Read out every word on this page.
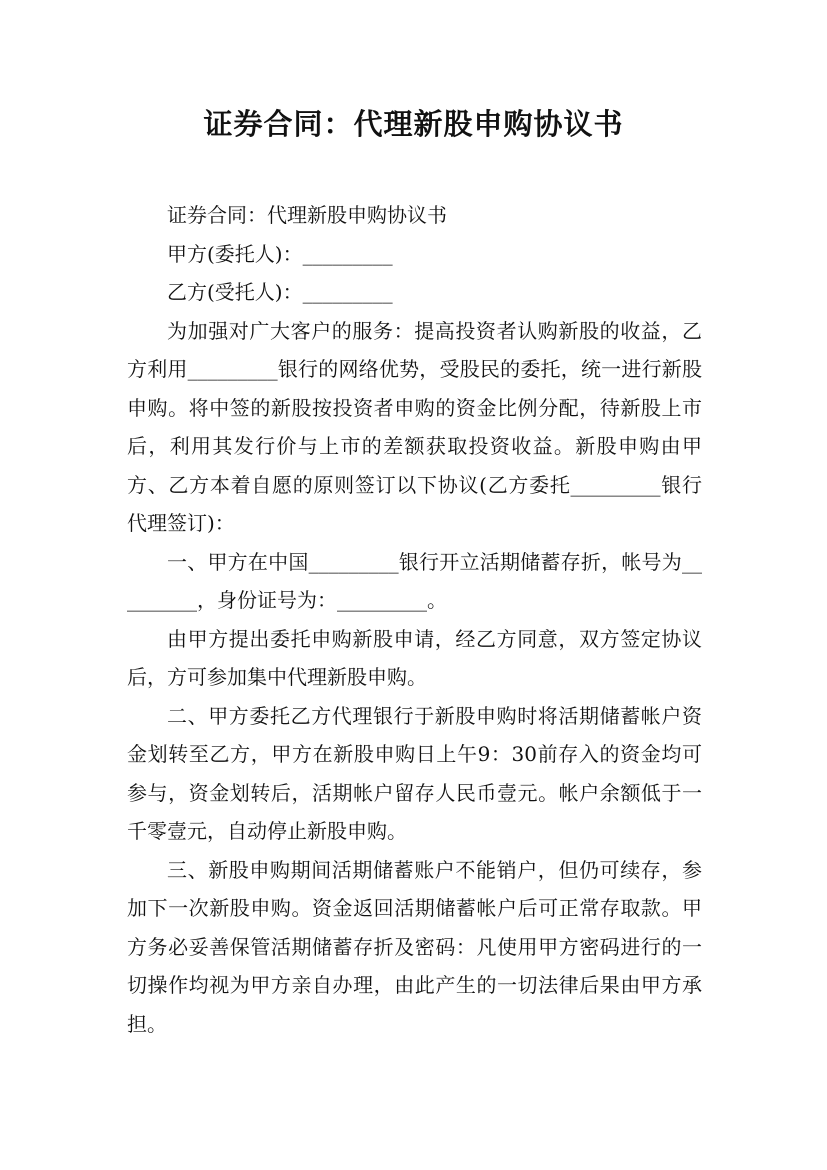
证券合同：代理新股申购协议书

证券合同：代理新股申购协议书

甲方(委托人)：_________

乙方(受托人)：_________

为加强对广大客户的服务：提高投资者认购新股的收益，乙方利用_________银行的网络优势，受股民的委托，统一进行新股申购。将中签的新股按投资者申购的资金比例分配，待新股上市后，利用其发行价与上市的差额获取投资收益。新股申购由甲方、乙方本着自愿的原则签订以下协议(乙方委托_________银行代理签订)：

一、甲方在中国_________银行开立活期储蓄存折，帐号为_________，身份证号为：_________。

由甲方提出委托申购新股申请，经乙方同意，双方签定协议后，方可参加集中代理新股申购。

二、甲方委托乙方代理银行于新股申购时将活期储蓄帐户资金划转至乙方，甲方在新股申购日上午9：30前存入的资金均可参与，资金划转后，活期帐户留存人民币壹元。帐户余额低于一千零壹元，自动停止新股申购。

三、新股申购期间活期储蓄账户不能销户，但仍可续存，参加下一次新股申购。资金返回活期储蓄帐户后可正常存取款。甲方务必妥善保管活期储蓄存折及密码：凡使用甲方密码进行的一切操作均视为甲方亲自办理，由此产生的一切法律后果由甲方承担。
